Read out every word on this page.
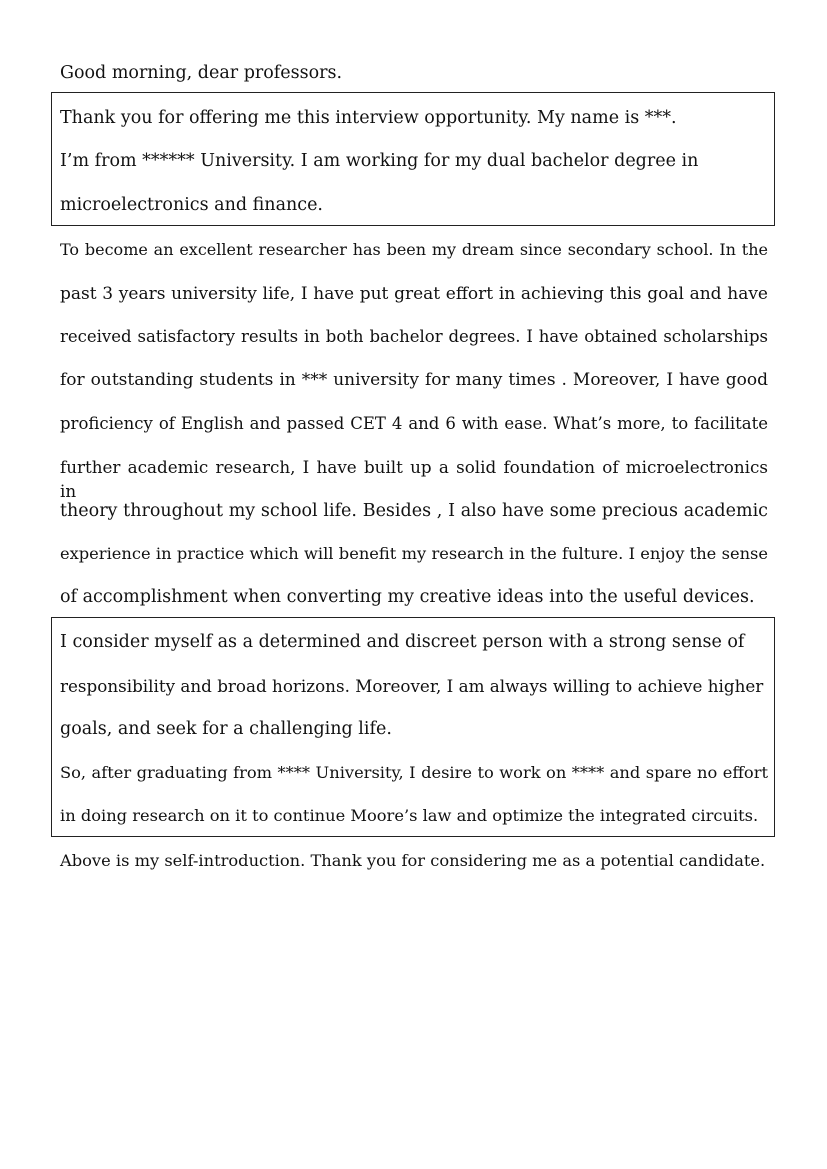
Good morning, dear professors.
Thank you for offering me this interview opportunity. My name is ***.
I’m from ****** University. I am working for my dual bachelor degree in
microelectronics and finance.
To become an excellent researcher has been my dream since secondary school. In the
past 3 years university life, I have put great effort in achieving this goal and have
received satisfactory results in both bachelor degrees. I have obtained scholarships
for outstanding students in *** university for many times . Moreover, I have good
proficiency of English and passed CET 4 and 6 with ease. What’s more, to facilitate
further academic research, I have built up a solid foundation of microelectronics in
theory throughout my school life. Besides , I also have some precious academic
experience in practice which will benefit my research in the fulture. I enjoy the sense
of accomplishment when converting my creative ideas into the useful devices.
I consider myself as a determined and discreet person with a strong sense of
responsibility and broad horizons. Moreover, I am always willing to achieve higher
goals, and seek for a challenging life.
So, after graduating from **** University, I desire to work on **** and spare no effort
in doing research on it to continue Moore’s law and optimize the integrated circuits.
Above is my self-introduction. Thank you for considering me as a potential candidate.
